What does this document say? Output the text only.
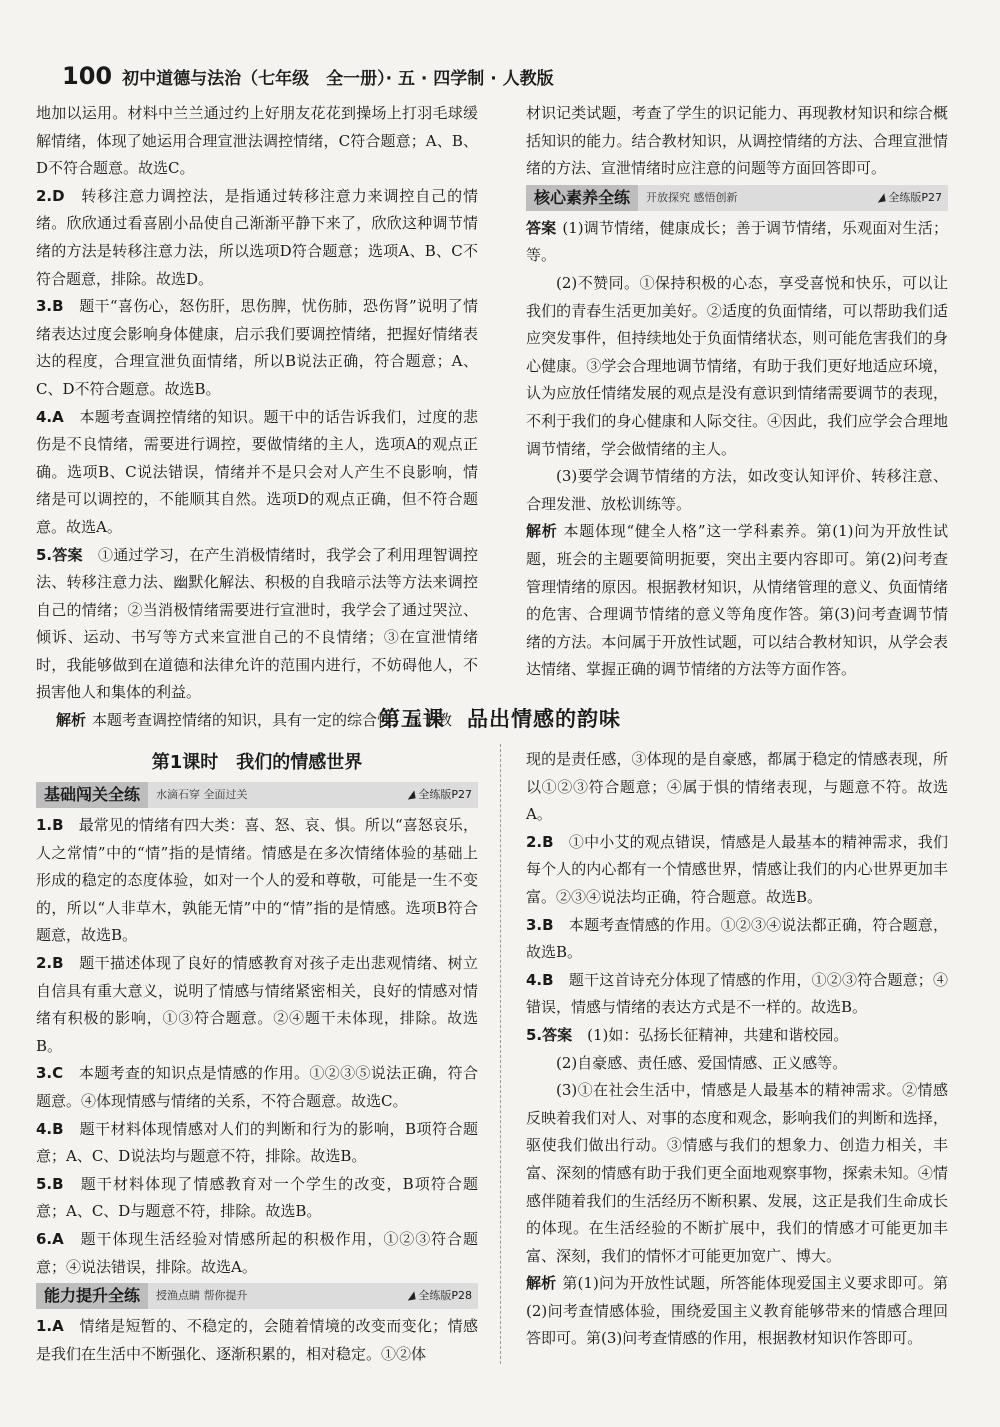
100 初中道德与法治（七年级　全一册）· 五 · 四学制 · 人教版
地加以运用。材料中兰兰通过约上好朋友花花到操场上打羽毛球缓解情绪，体现了她运用合理宣泄法调控情绪，C符合题意；A、B、D不符合题意。故选C。
2.D　 转移注意力调控法，是指通过转移注意力来调控自己的情绪。欣欣通过看喜剧小品使自己渐渐平静下来了，欣欣这种调节情绪的方法是转移注意力法，所以选项D符合题意；选项A、B、C不符合题意，排除。故选D。
3.B　 题干“喜伤心，怒伤肝，思伤脾，忧伤肺，恐伤肾”说明了情绪表达过度会影响身体健康，启示我们要调控情绪，把握好情绪表达的程度，合理宣泄负面情绪，所以B说法正确，符合题意；A、C、D不符合题意。故选B。
4.A　 本题考查调控情绪的知识。题干中的话告诉我们，过度的悲伤是不良情绪，需要进行调控，要做情绪的主人，选项A的观点正确。选项B、C说法错误，情绪并不是只会对人产生不良影响，情绪是可以调控的，不能顺其自然。选项D的观点正确，但不符合题意。故选A。
5.答案　 ①通过学习，在产生消极情绪时，我学会了利用理智调控法、转移注意力法、幽默化解法、积极的自我暗示法等方法来调控自己的情绪；②当消极情绪需要进行宣泄时，我学会了通过哭泣、倾诉、运动、书写等方式来宣泄自己的不良情绪；③在宣泄情绪时，我能够做到在道德和法律允许的范围内进行，不妨碍他人，不损害他人和集体的利益。
解析 本题考查调控情绪的知识，具有一定的综合性，属于教
材识记类试题，考查了学生的识记能力、再现教材知识和综合概括知识的能力。结合教材知识，从调控情绪的方法、合理宣泄情绪的方法、宣泄情绪时应注意的问题等方面回答即可。
核心素养全练	开放探究 感悟创新	全练版P27
答案 (1)调节情绪，健康成长；善于调节情绪，乐观面对生活；等。
(2)不赞同。①保持积极的心态，享受喜悦和快乐，可以让我们的青春生活更加美好。②适度的负面情绪，可以帮助我们适应突发事件，但持续地处于负面情绪状态，则可能危害我们的身心健康。③学会合理地调节情绪，有助于我们更好地适应环境，认为应放任情绪发展的观点是没有意识到情绪需要调节的表现，不利于我们的身心健康和人际交往。④因此，我们应学会合理地调节情绪，学会做情绪的主人。
(3)要学会调节情绪的方法，如改变认知评价、转移注意、合理发泄、放松训练等。
解析 本题体现“健全人格”这一学科素养。第(1)问为开放性试题，班会的主题要简明扼要，突出主要内容即可。第(2)问考查管理情绪的原因。根据教材知识，从情绪管理的意义、负面情绪的危害、合理调节情绪的意义等角度作答。第(3)问考查调节情绪的方法。本问属于开放性试题，可以结合教材知识，从学会表达情绪、掌握正确的调节情绪的方法等方面作答。
第五课　品出情感的韵味
第1课时　我们的情感世界
基础闯关全练	水滴石穿 全面过关	全练版P27
1.B　 最常见的情绪有四大类：喜、怒、哀、惧。所以“喜怒哀乐，人之常情”中的“情”指的是情绪。情感是在多次情绪体验的基础上形成的稳定的态度体验，如对一个人的爱和尊敬，可能是一生不变的，所以“人非草木，孰能无情”中的“情”指的是情感。选项B符合题意，故选B。
2.B　 题干描述体现了良好的情感教育对孩子走出悲观情绪、树立自信具有重大意义，说明了情感与情绪紧密相关，良好的情感对情绪有积极的影响，①③符合题意。②④题干未体现，排除。故选B。
3.C　 本题考查的知识点是情感的作用。①②③⑤说法正确，符合题意。④体现情感与情绪的关系，不符合题意。故选C。
4.B　 题干材料体现情感对人们的判断和行为的影响，B项符合题意；A、C、D说法均与题意不符，排除。故选B。
5.B　 题干材料体现了情感教育对一个学生的改变，B项符合题意；A、C、D与题意不符，排除。故选B。
6.A　 题干体现生活经验对情感所起的积极作用，①②③符合题意；④说法错误，排除。故选A。
能力提升全练	授渔点睛 帮你提升	全练版P28
1.A　 情绪是短暂的、不稳定的，会随着情境的改变而变化；情感是我们在生活中不断强化、逐渐积累的，相对稳定。①②体
现的是责任感，③体现的是自豪感，都属于稳定的情感表现，所以①②③符合题意；④属于惧的情绪表现，与题意不符。故选A。
2.B　 ①中小艾的观点错误，情感是人最基本的精神需求，我们每个人的内心都有一个情感世界，情感让我们的内心世界更加丰富。②③④说法均正确，符合题意。故选B。
3.B　 本题考查情感的作用。①②③④说法都正确，符合题意，故选B。
4.B　 题干这首诗充分体现了情感的作用，①②③符合题意；④错误，情感与情绪的表达方式是不一样的。故选B。
5.答案　 (1)如：弘扬长征精神，共建和谐校园。
(2)自豪感、责任感、爱国情感、正义感等。
(3)①在社会生活中，情感是人最基本的精神需求。②情感反映着我们对人、对事的态度和观念，影响我们的判断和选择，驱使我们做出行动。③情感与我们的想象力、创造力相关，丰富、深刻的情感有助于我们更全面地观察事物，探索未知。④情感伴随着我们的生活经历不断积累、发展，这正是我们生命成长的体现。在生活经验的不断扩展中，我们的情感才可能更加丰富、深刻，我们的情怀才可能更加宽广、博大。
解析 第(1)问为开放性试题，所答能体现爱国主义要求即可。第(2)问考查情感体验，围绕爱国主义教育能够带来的情感合理回答即可。第(3)问考查情感的作用，根据教材知识作答即可。
